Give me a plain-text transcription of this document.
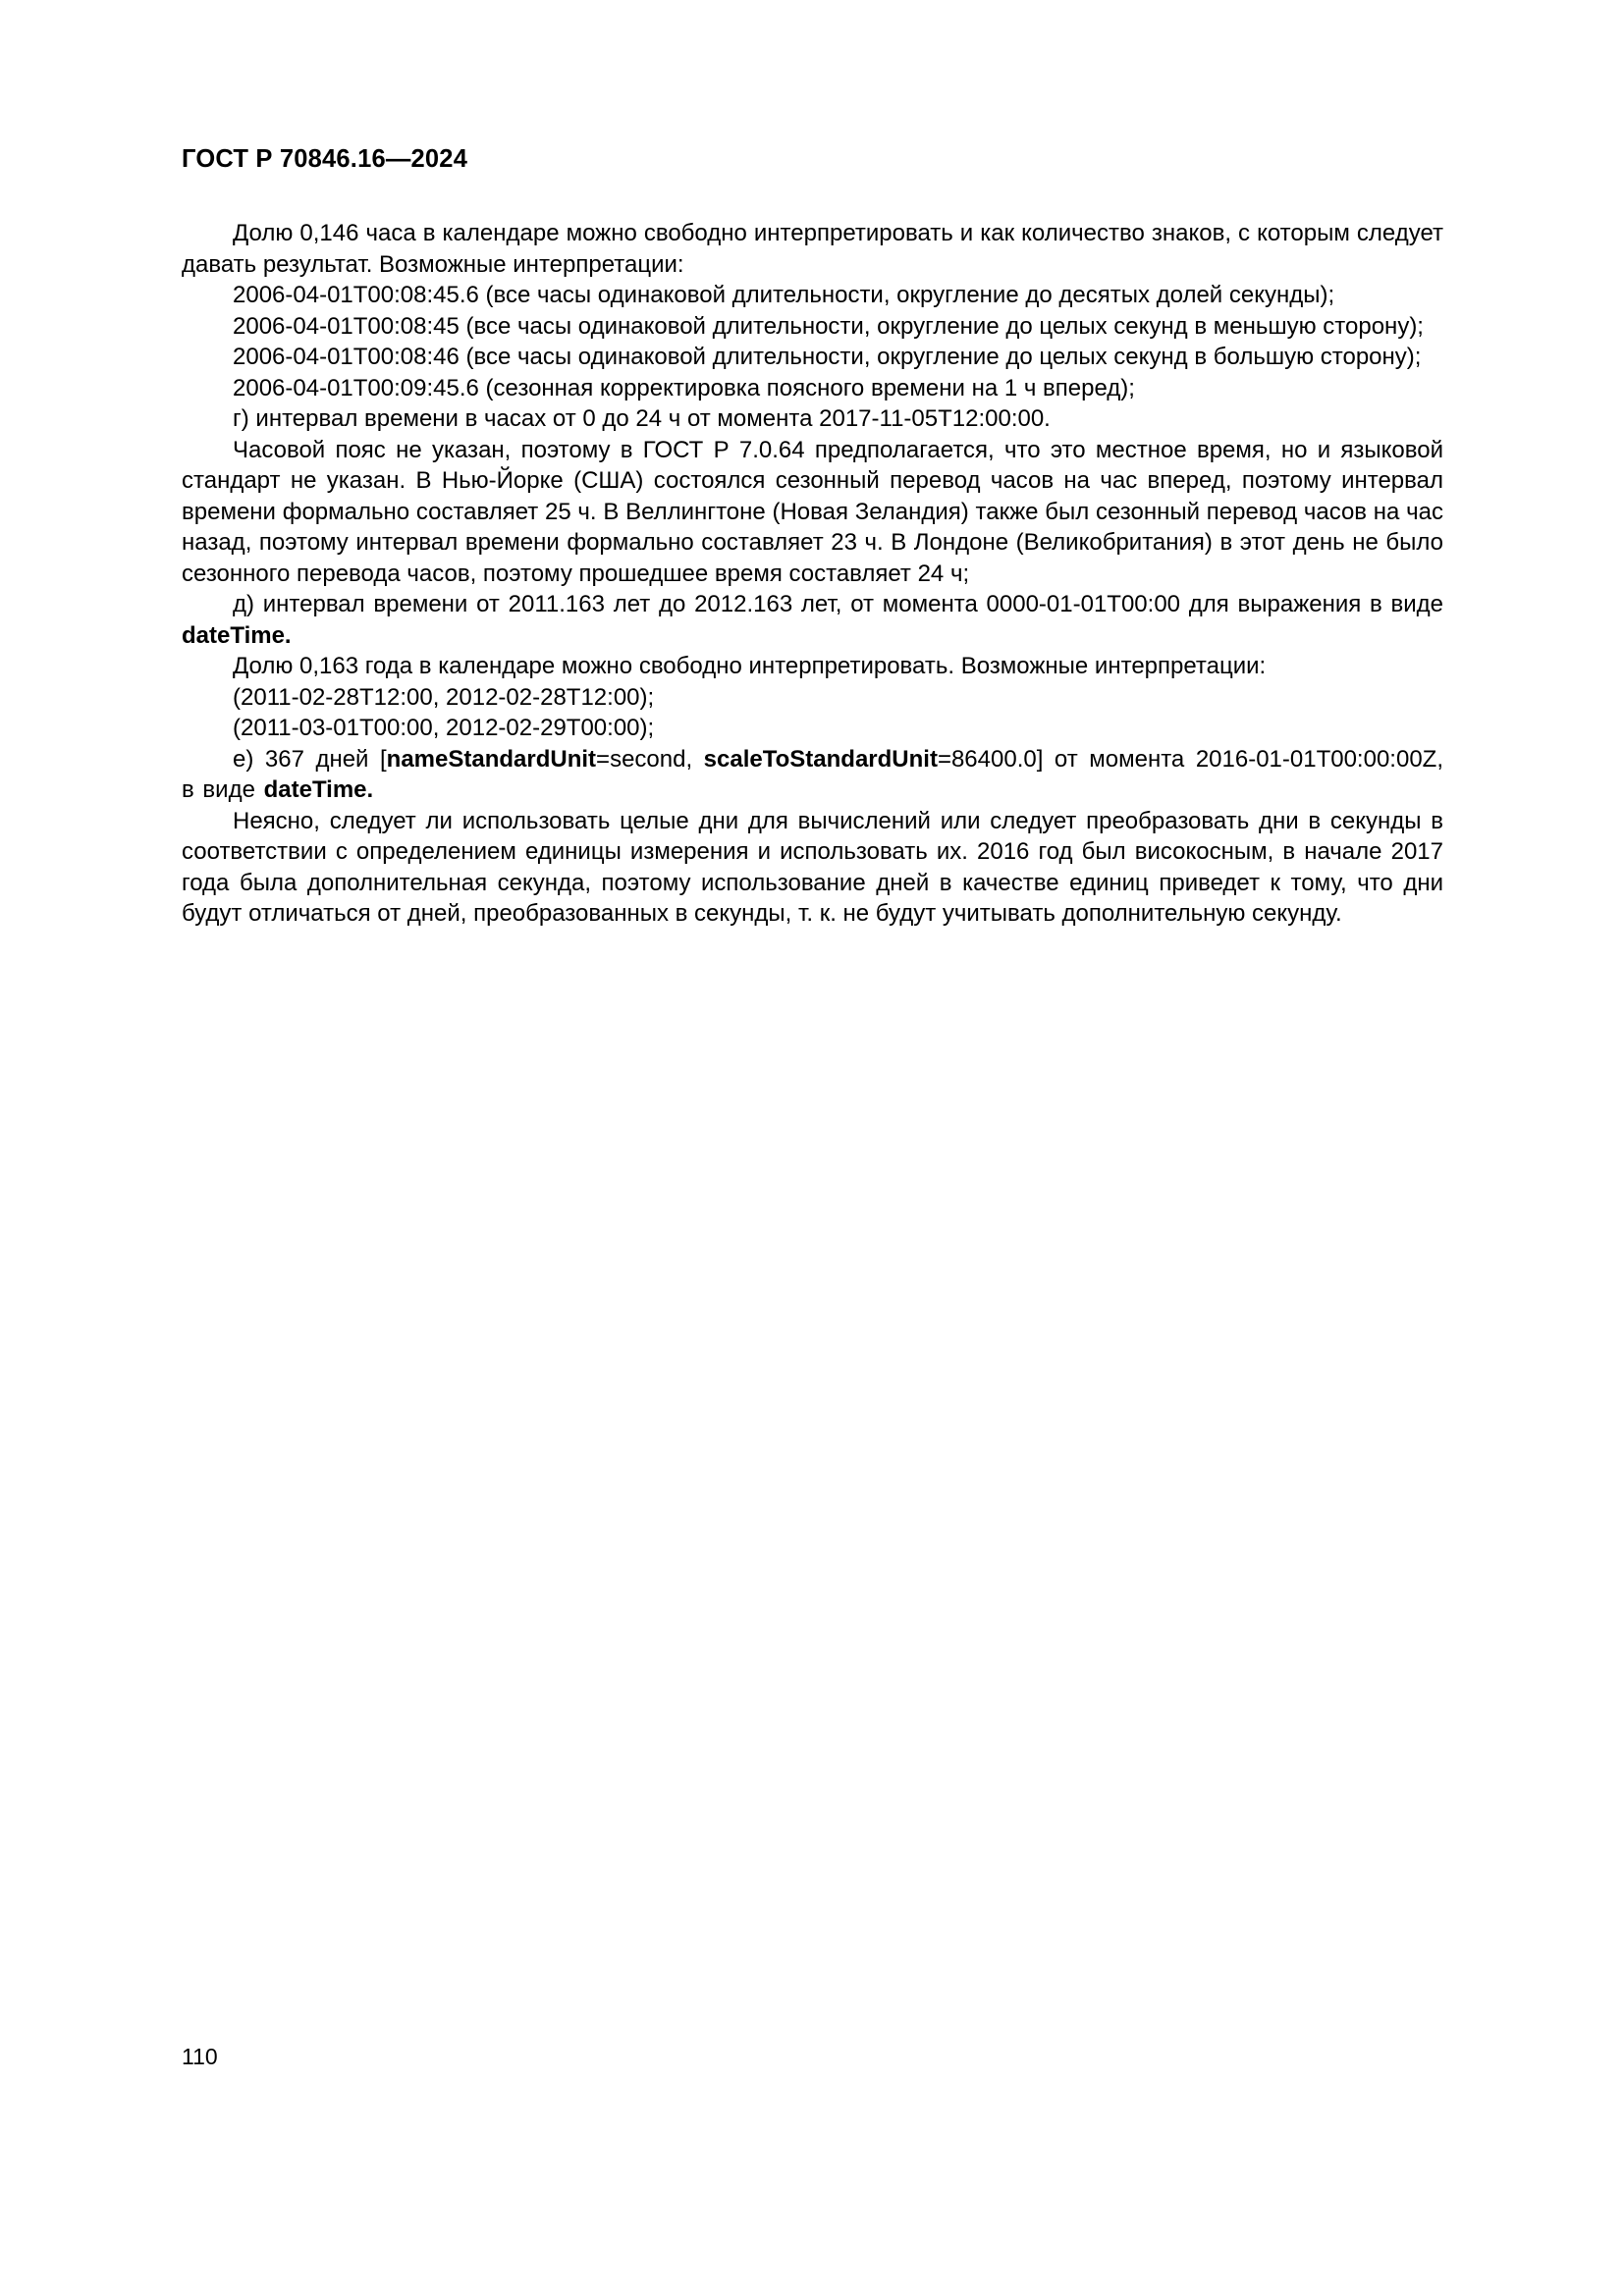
ГОСТ Р 70846.16—2024

Долю 0,146 часа в календаре можно свободно интерпретировать и как количество знаков, с которым следует давать результат. Возможные интерпретации:

2006-04-01T00:08:45.6 (все часы одинаковой длительности, округление до десятых долей секунды);

2006-04-01T00:08:45 (все часы одинаковой длительности, округление до целых секунд в меньшую сторону);

2006-04-01T00:08:46 (все часы одинаковой длительности, округление до целых секунд в большую сторону);

2006-04-01T00:09:45.6 (сезонная корректировка поясного времени на 1 ч вперед);

г) интервал времени в часах от 0 до 24 ч от момента 2017-11-05T12:00:00.

Часовой пояс не указан, поэтому в ГОСТ Р 7.0.64 предполагается, что это местное время, но и языковой стандарт не указан. В Нью-Йорке (США) состоялся сезонный перевод часов на час вперед, поэтому интервал времени формально составляет 25 ч. В Веллингтоне (Новая Зеландия) также был сезонный перевод часов на час назад, поэтому интервал времени формально составляет 23 ч. В Лондоне (Великобритания) в этот день не было сезонного перевода часов, поэтому прошедшее время составляет 24 ч;

д) интервал времени от 2011.163 лет до 2012.163 лет, от момента 0000-01-01T00:00 для выражения в виде dateTime.

Долю 0,163 года в календаре можно свободно интерпретировать. Возможные интерпретации:

(2011-02-28T12:00, 2012-02-28T12:00);

(2011-03-01T00:00, 2012-02-29T00:00);

е) 367 дней [nameStandardUnit=second, scaleToStandardUnit=86400.0] от момента 2016-01-01T00:00:00Z, в виде dateTime.

Неясно, следует ли использовать целые дни для вычислений или следует преобразовать дни в секунды в соответствии с определением единицы измерения и использовать их. 2016 год был високосным, в начале 2017 года была дополнительная секунда, поэтому использование дней в качестве единиц приведет к тому, что дни будут отличаться от дней, преобразованных в секунды, т. к. не будут учитывать дополнительную секунду.

110
